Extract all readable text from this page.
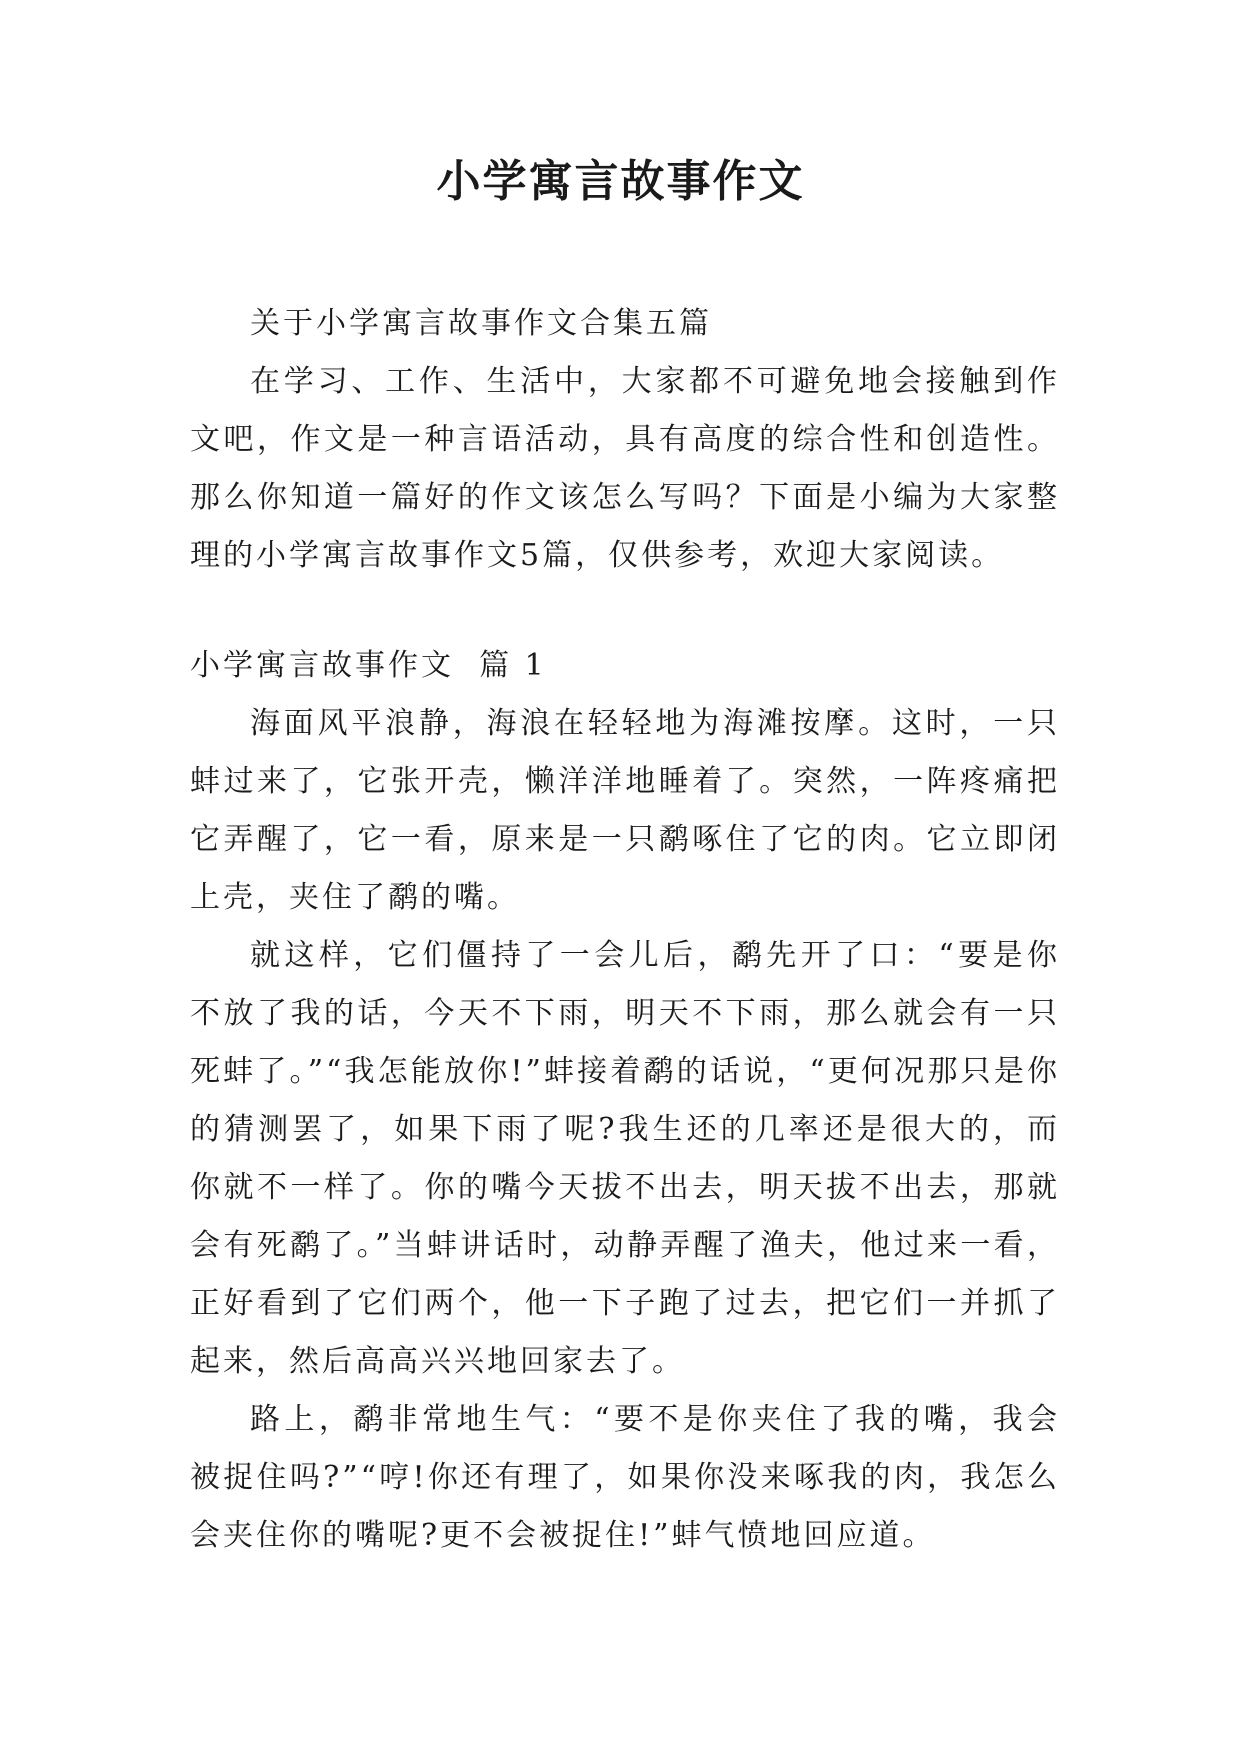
小学寓言故事作文

关于小学寓言故事作文合集五篇

在学习、工作、生活中，大家都不可避免地会接触到作文吧，作文是一种言语活动，具有高度的综合性和创造性。那么你知道一篇好的作文该怎么写吗？下面是小编为大家整理的小学寓言故事作文5篇，仅供参考，欢迎大家阅读。

小学寓言故事作文  篇 1

海面风平浪静，海浪在轻轻地为海滩按摩。这时，一只蚌过来了，它张开壳，懒洋洋地睡着了。突然，一阵疼痛把它弄醒了，它一看，原来是一只鹬啄住了它的肉。它立即闭上壳，夹住了鹬的嘴。

就这样，它们僵持了一会儿后，鹬先开了口：“要是你不放了我的话，今天不下雨，明天不下雨，那么就会有一只死蚌了。”“我怎能放你!”蚌接着鹬的话说，“更何况那只是你的猜测罢了，如果下雨了呢?我生还的几率还是很大的，而你就不一样了。你的嘴今天拔不出去，明天拔不出去，那就会有死鹬了。”当蚌讲话时，动静弄醒了渔夫，他过来一看，正好看到了它们两个，他一下子跑了过去，把它们一并抓了起来，然后高高兴兴地回家去了。

路上，鹬非常地生气：“要不是你夹住了我的嘴，我会被捉住吗?”“哼!你还有理了，如果你没来啄我的肉，我怎么会夹住你的嘴呢?更不会被捉住!”蚌气愤地回应道。
